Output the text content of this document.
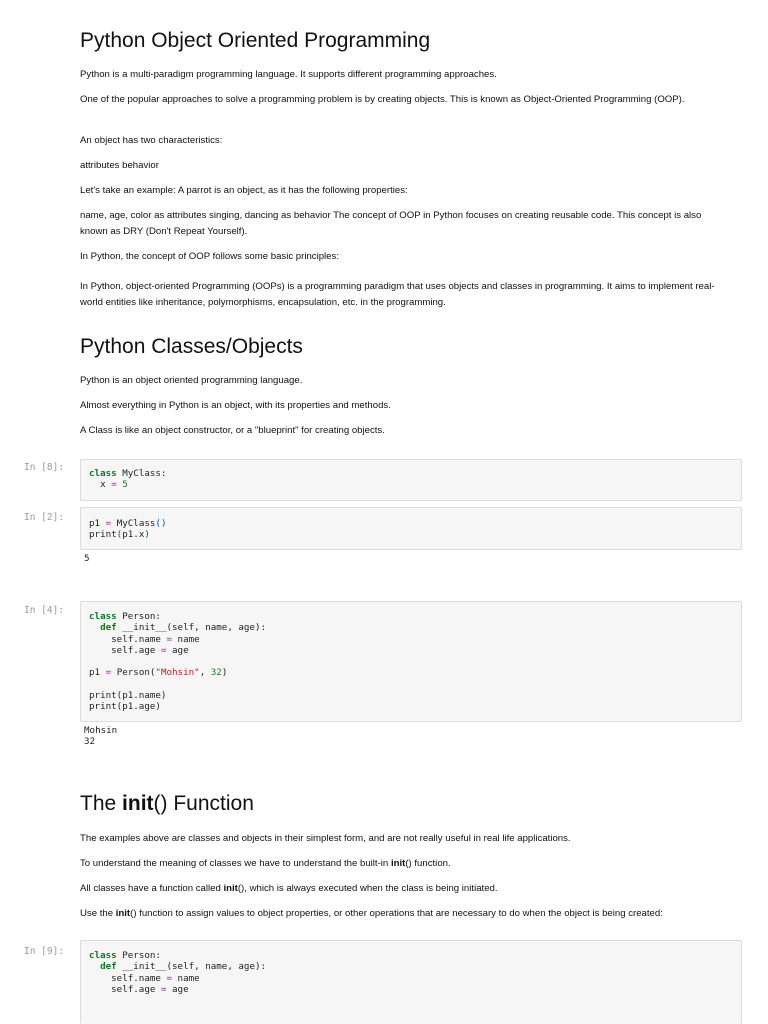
Python Object Oriented Programming

Python is a multi-paradigm programming language. It supports different programming approaches.

One of the popular approaches to solve a programming problem is by creating objects. This is known as Object-Oriented Programming (OOP).

An object has two characteristics:

attributes behavior

Let's take an example: A parrot is an object, as it has the following properties:

name, age, color as attributes singing, dancing as behavior The concept of OOP in Python focuses on creating reusable code. This concept is also known as DRY (Don't Repeat Yourself).

In Python, the concept of OOP follows some basic principles:

In Python, object-oriented Programming (OOPs) is a programming paradigm that uses objects and classes in programming. It aims to implement real-world entities like inheritance, polymorphisms, encapsulation, etc. in the programming.

Python Classes/Objects

Python is an object oriented programming language.

Almost everything in Python is an object, with its properties and methods.

A Class is like an object constructor, or a "blueprint" for creating objects.

In [8]:
class MyClass:
x = 5
In [2]:
p1 = MyClass()
print(p1.x)
5
In [4]:
class Person:
def __init__(self, name, age):
self.name = name
self.age = age

p1 = Person("Mohsin", 32)

print(p1.name)
print(p1.age)
Mohsin
32
The init() Function

The examples above are classes and objects in their simplest form, and are not really useful in real life applications.

To understand the meaning of classes we have to understand the built-in init() function.

All classes have a function called init(), which is always executed when the class is being initiated.

Use the init() function to assign values to object properties, or other operations that are necessary to do when the object is being created:

In [9]:	class Person:
def __init__(self, name, age):
self.name = name
self.age = age
